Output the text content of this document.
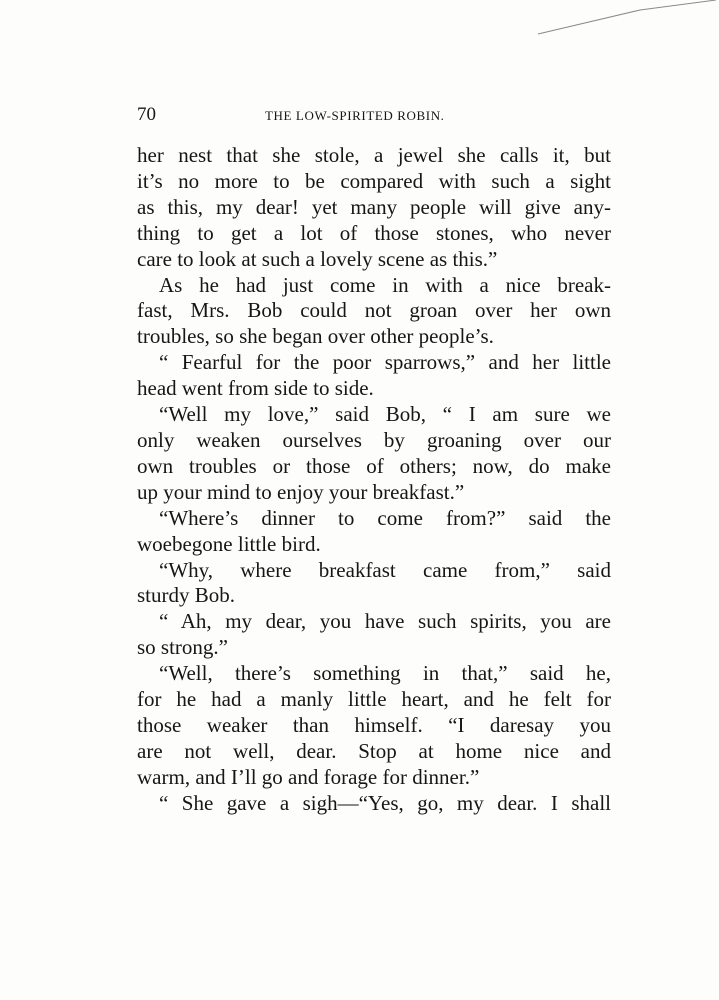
70	THE LOW-SPIRITED ROBIN.
her nest that she stole, a jewel she calls it, but
it’s no more to be compared with such a sight
as this, my dear! yet many people will give any-
thing to get a lot of those stones, who never
care to look at such a lovely scene as this.”
As he had just come in with a nice break-
fast, Mrs. Bob could not groan over her own
troubles, so she began over other people’s.
“ Fearful for the poor sparrows,” and her little
head went from side to side.
“Well my love,” said Bob, “ I am sure we
only weaken ourselves by groaning over our
own troubles or those of others; now, do make
up your mind to enjoy your breakfast.”
“Where’s dinner to come from?” said the
woebegone little bird.
“Why, where breakfast came from,” said
sturdy Bob.
“ Ah, my dear, you have such spirits, you are
so strong.”
“Well, there’s something in that,” said he,
for he had a manly little heart, and he felt for
those weaker than himself. “I daresay you
are not well, dear. Stop at home nice and
warm, and I’ll go and forage for dinner.”
“ She gave a sigh—“Yes, go, my dear. I shall
